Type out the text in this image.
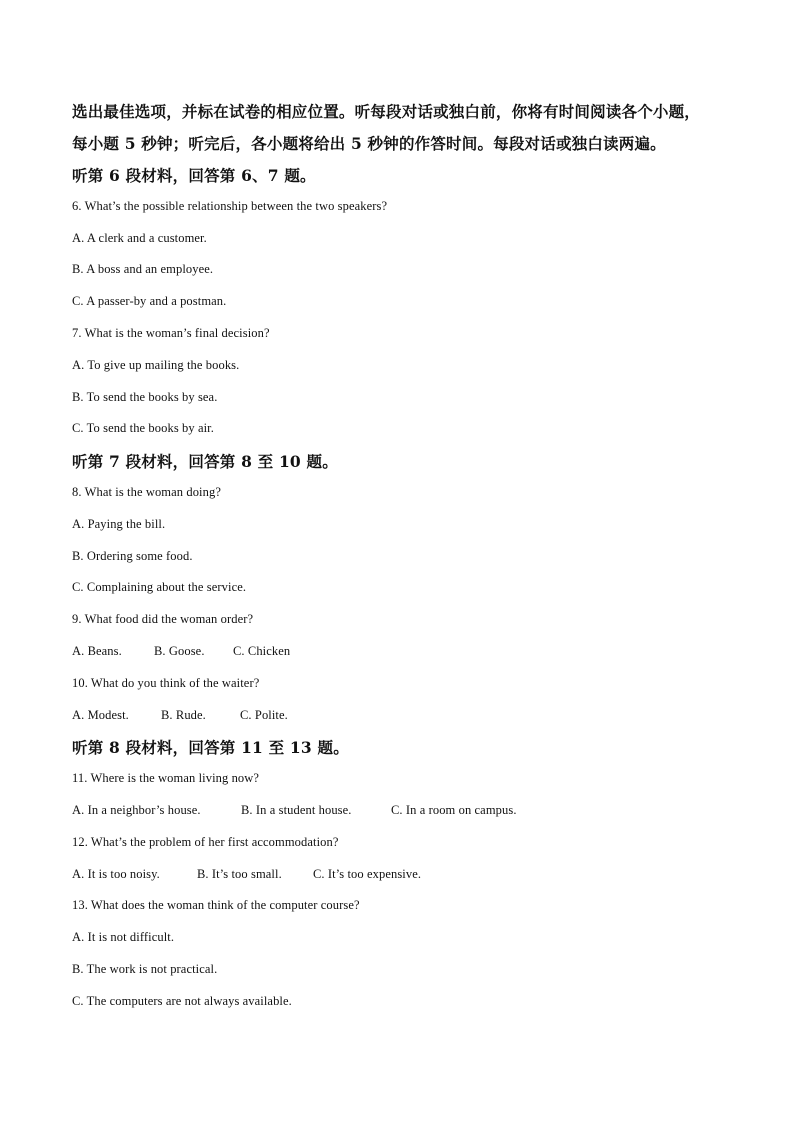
选出最佳选项，并标在试卷的相应位置。听每段对话或独白前，你将有时间阅读各个小题，
每小题 5 秒钟；听完后，各小题将给出 5 秒钟的作答时间。每段对话或独白读两遍。
听第 6 段材料，回答第 6、7 题。
6. What’s the possible relationship between the two speakers?
A. A clerk and a customer.
B. A boss and an employee.
C. A passer-by and a postman.
7. What is the woman’s final decision?
A. To give up mailing the books.
B. To send the books by sea.
C. To send the books by air.
听第 7 段材料，回答第 8 至 10 题。
8. What is the woman doing?
A. Paying the bill.
B. Ordering some food.
C. Complaining about the service.
9. What food did the woman order?
A. Beans.	B. Goose. C. Chicken
10. What do you think of the waiter?
A. Modest.	B. Rude.	C. Polite.
听第 8 段材料，回答第 11 至 13 题。
11. Where is the woman living now?
A. In a neighbor’s house.	B. In a student house.	C. In a room on campus.
12. What’s the problem of her first accommodation?
A. It is too noisy.	B. It’s too small. C. It’s too expensive.
13. What does the woman think of the computer course?
A. It is not difficult.
B. The work is not practical.
C. The computers are not always available.
